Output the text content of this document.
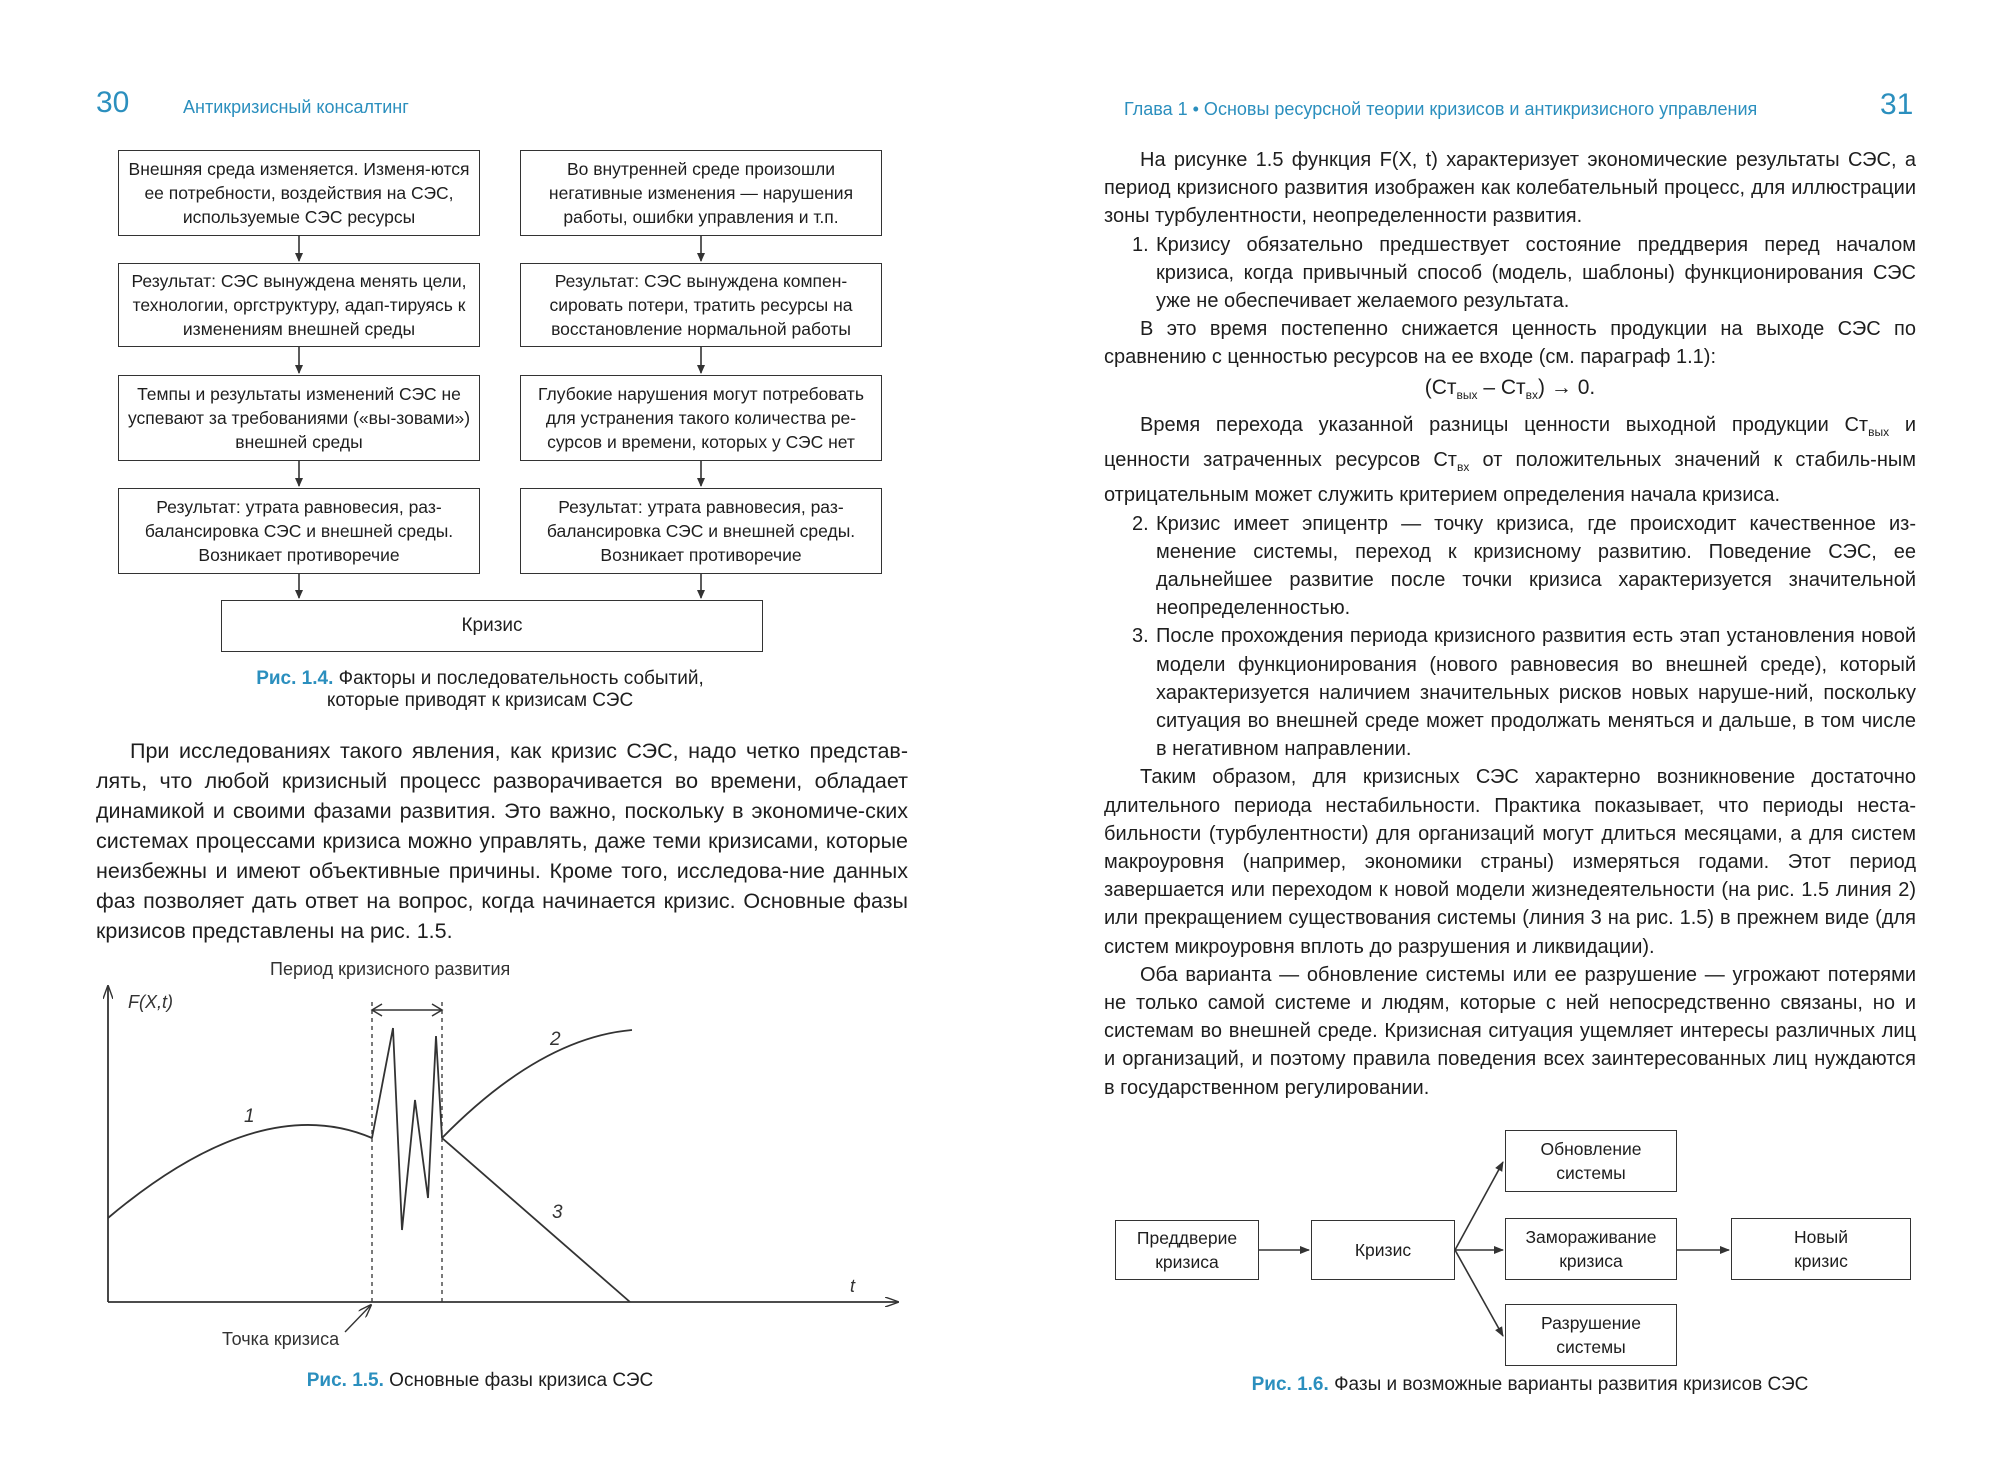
30	Антикризисный консалтинг
Внешняя среда изменяется. Изменя-ются ее потребности, воздействия на СЭС, используемые СЭС ресурсы
Результат: СЭС вынуждена менять цели, технологии, оргструктуру, адап-тируясь к изменениям внешней среды
Темпы и результаты изменений СЭС не успевают за требованиями («вы-зовами») внешней среды
Результат: утрата равновесия, раз-балансировка СЭС и внешней среды. Возникает противоречие
Во внутренней среде произошли негативные изменения — нарушения работы, ошибки управления и т.п.
Результат: СЭС вынуждена компен-сировать потери, тратить ресурсы на восстановление нормальной работы
Глубокие нарушения могут потребовать для устранения такого количества ре-сурсов и времени, которых у СЭС нет
Результат: утрата равновесия, раз-балансировка СЭС и внешней среды. Возникает противоречие
Кризис
Рис. 1.4. Факторы и последовательность событий,
которые приводят к кризисам СЭС

При исследованиях такого явления, как кризис СЭС, надо четко представ-лять, что любой кризисный процесс разворачивается во времени, обладает динамикой и своими фазами развития. Это важно, поскольку в экономиче-ских системах процессами кризиса можно управлять, даже теми кризисами, которые неизбежны и имеют объективные причины. Кроме того, исследова-ние данных фаз позволяет дать ответ на вопрос, когда начинается кризис. Основные фазы кризисов представлены на рис. 1.5.

Период кризисного развития
F(X,t)
t
1
2
3
Точка кризиса
Рис. 1.5. Основные фазы кризиса СЭС
Глава 1 • Основы ресурсной теории кризисов и антикризисного управления	31

На рисунке 1.5 функция F(X, t) характеризует экономические результаты СЭС, а период кризисного развития изображен как колебательный процесс, для иллюстрации зоны турбулентности, неопределенности развития.

1. Кризису обязательно предшествует состояние преддверия перед началом кризиса, когда привычный способ (модель, шаблоны) функционирования СЭС уже не обеспечивает желаемого результата.

В это время постепенно снижается ценность продукции на выходе СЭС по сравнению с ценностью ресурсов на ее входе (см. параграф 1.1):

$(Ст_{вых} - Ст_{вх}) \to 0$.

Время перехода указанной разницы ценности выходной продукции $Ст_{вых}$ и ценности затраченных ресурсов $Ст_{вх}$ от положительных значений к стабиль-ным отрицательным может служить критерием определения начала кризиса.

2. Кризис имеет эпицентр — точку кризиса, где происходит качественное из-менение системы, переход к кризисному развитию. Поведение СЭС, ее дальнейшее развитие после точки кризиса характеризуется значительной неопределенностью.

3. После прохождения периода кризисного развития есть этап установления новой модели функционирования (нового равновесия во внешней среде), который характеризуется наличием значительных рисков новых наруше-ний, поскольку ситуация во внешней среде может продолжать меняться и дальше, в том числе в негативном направлении.

Таким образом, для кризисных СЭС характерно возникновение достаточно длительного периода нестабильности. Практика показывает, что периоды неста-бильности (турбулентности) для организаций могут длиться месяцами, а для систем макроуровня (например, экономики страны) измеряться годами. Этот период завершается или переходом к новой модели жизнедеятельности (на рис. 1.5 линия 2) или прекращением существования системы (линия 3 на рис. 1.5) в прежнем виде (для систем микроуровня вплоть до разрушения и ликвидации).

Оба варианта — обновление системы или ее разрушение — угрожают потерями не только самой системе и людям, которые с ней непосредственно связаны, но и системам во внешней среде. Кризисная ситуация ущемляет интересы различных лиц и организаций, и поэтому правила поведения всех заинтересованных лиц нуждаются в государственном регулировании.

Преддверие
кризиса
Кризис
Обновление
системы
Замораживание
кризиса
Разрушение
системы
Новый
кризис
Рис. 1.6. Фазы и возможные варианты развития кризисов СЭС
